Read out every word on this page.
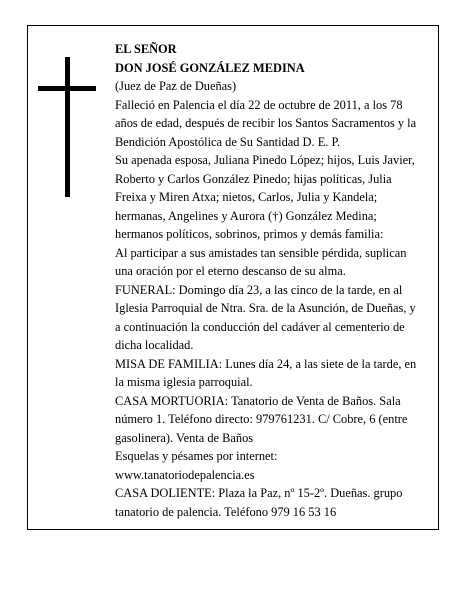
EL SEÑOR

DON JOSÉ GONZÁLEZ MEDINA

(Juez de Paz de Dueñas)

Falleció en Palencia el día 22 de octubre de 2011, a los 78 años de edad, después de recibir los Santos Sacramentos y la Bendición Apostólica de Su Santidad D. E. P.

Su apenada esposa, Juliana Pinedo López; hijos, Luis Javier, Roberto y Carlos González Pinedo; hijas políticas, Julia Freixa y Miren Atxa; nietos, Carlos, Julia y Kandela; hermanas, Angelines y Aurora (†) González Medina; hermanos políticos, sobrinos, primos y demás familia:

Al participar a sus amistades tan sensible pérdida, suplican una oración por el eterno descanso de su alma.

FUNERAL: Domingo día 23, a las cinco de la tarde, en al Iglesia Parroquial de Ntra. Sra. de la Asunción, de Dueñas, y a continuación la conducción del cadáver al cementerio de dicha localidad.

MISA DE FAMILIA: Lunes día 24, a las siete de la tarde, en la misma iglesia parroquial.

CASA MORTUORIA: Tanatorio de Venta de Baños. Sala número 1. Teléfono directo: 979761231. C/ Cobre, 6 (entre gasolinera). Venta de Baños

Esquelas y pésames por internet: www.tanatoriodepalencia.es

CASA DOLIENTE: Plaza la Paz, nº 15-2º. Dueñas. grupo tanatorio de palencia. Teléfono 979 16 53 16
